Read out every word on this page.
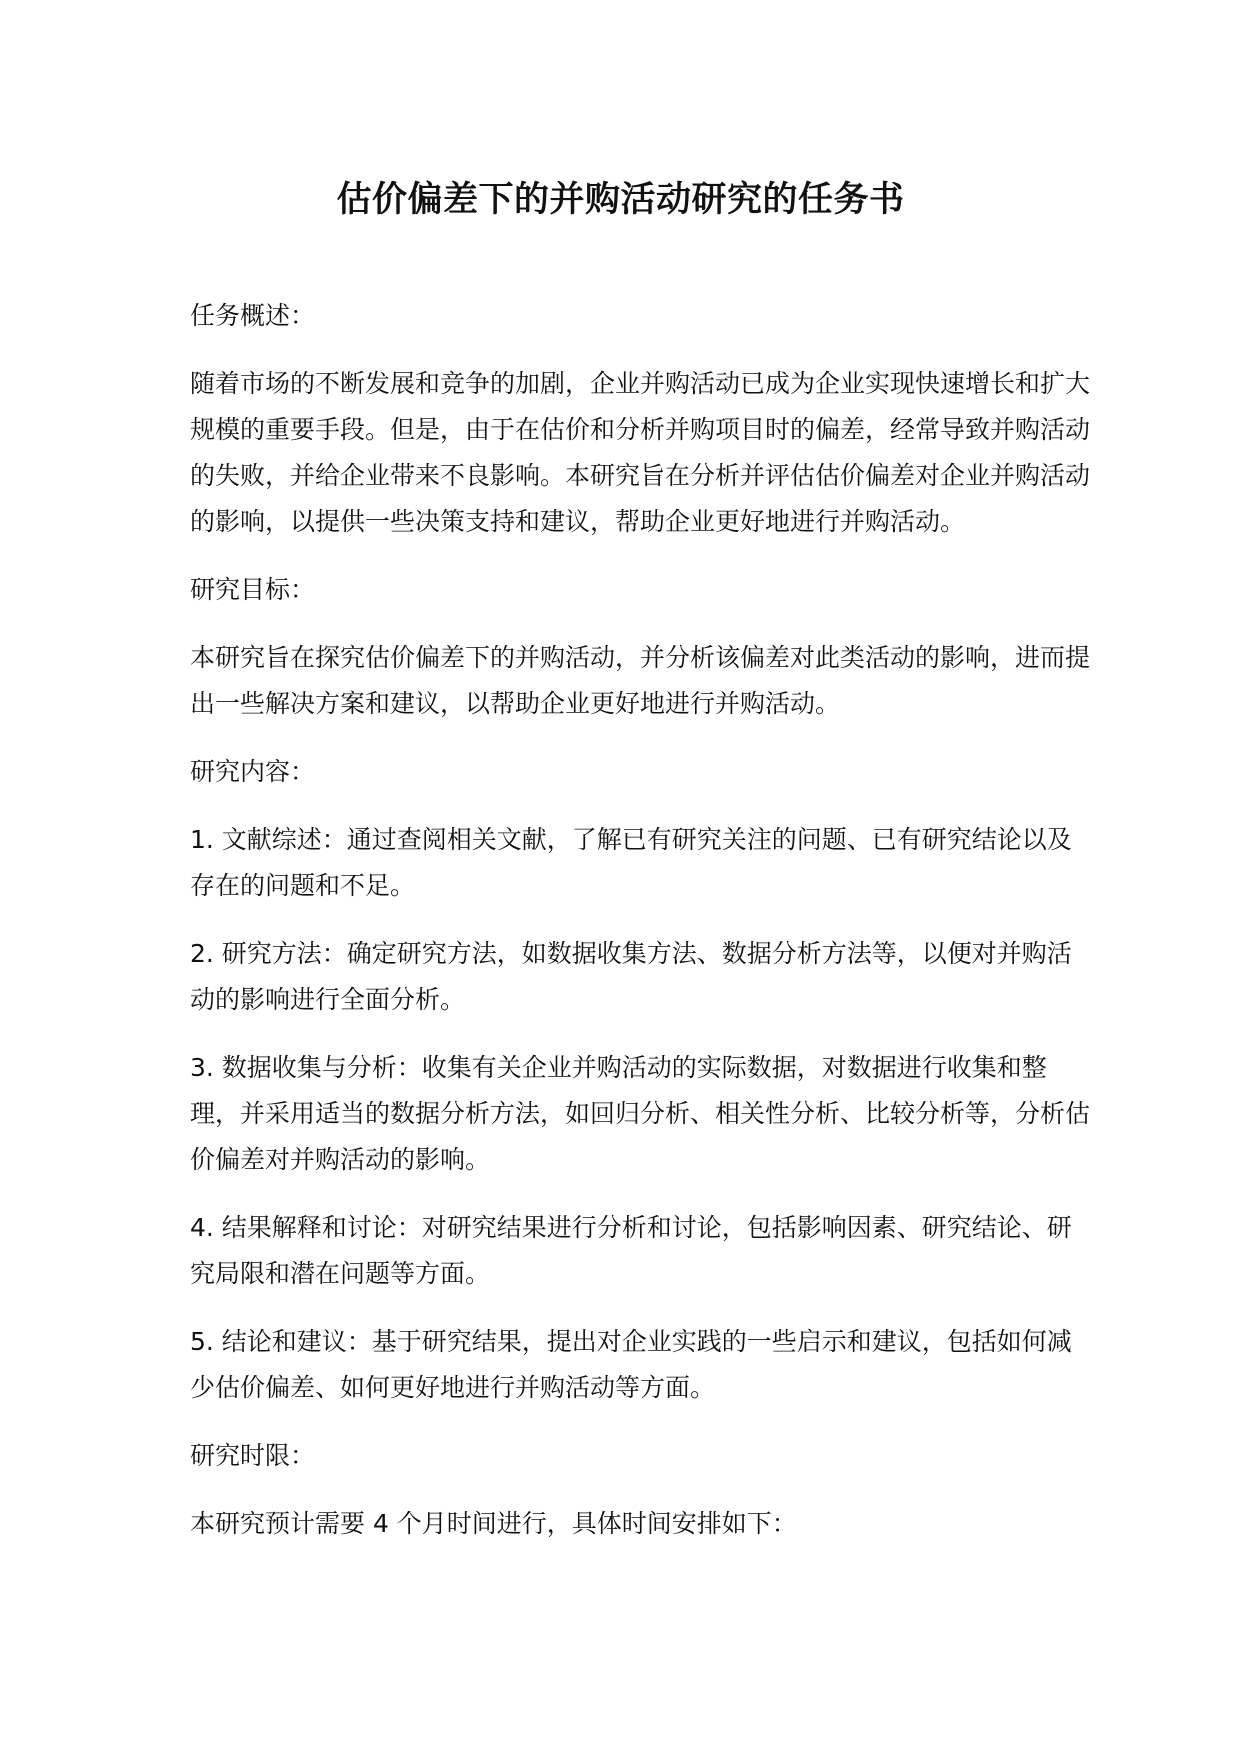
估价偏差下的并购活动研究的任务书

任务概述：

随着市场的不断发展和竞争的加剧，企业并购活动已成为企业实现快速增长和扩大规模的重要手段。但是，由于在估价和分析并购项目时的偏差，经常导致并购活动的失败，并给企业带来不良影响。本研究旨在分析并评估估价偏差对企业并购活动的影响，以提供一些决策支持和建议，帮助企业更好地进行并购活动。

研究目标：

本研究旨在探究估价偏差下的并购活动，并分析该偏差对此类活动的影响，进而提出一些解决方案和建议，以帮助企业更好地进行并购活动。

研究内容：

1. 文献综述：通过查阅相关文献，了解已有研究关注的问题、已有研究结论以及存在的问题和不足。

2. 研究方法：确定研究方法，如数据收集方法、数据分析方法等，以便对并购活动的影响进行全面分析。

3. 数据收集与分析：收集有关企业并购活动的实际数据，对数据进行收集和整理，并采用适当的数据分析方法，如回归分析、相关性分析、比较分析等，分析估价偏差对并购活动的影响。

4. 结果解释和讨论：对研究结果进行分析和讨论，包括影响因素、研究结论、研究局限和潜在问题等方面。

5. 结论和建议：基于研究结果，提出对企业实践的一些启示和建议，包括如何减少估价偏差、如何更好地进行并购活动等方面。

研究时限：

本研究预计需要 4 个月时间进行，具体时间安排如下：
